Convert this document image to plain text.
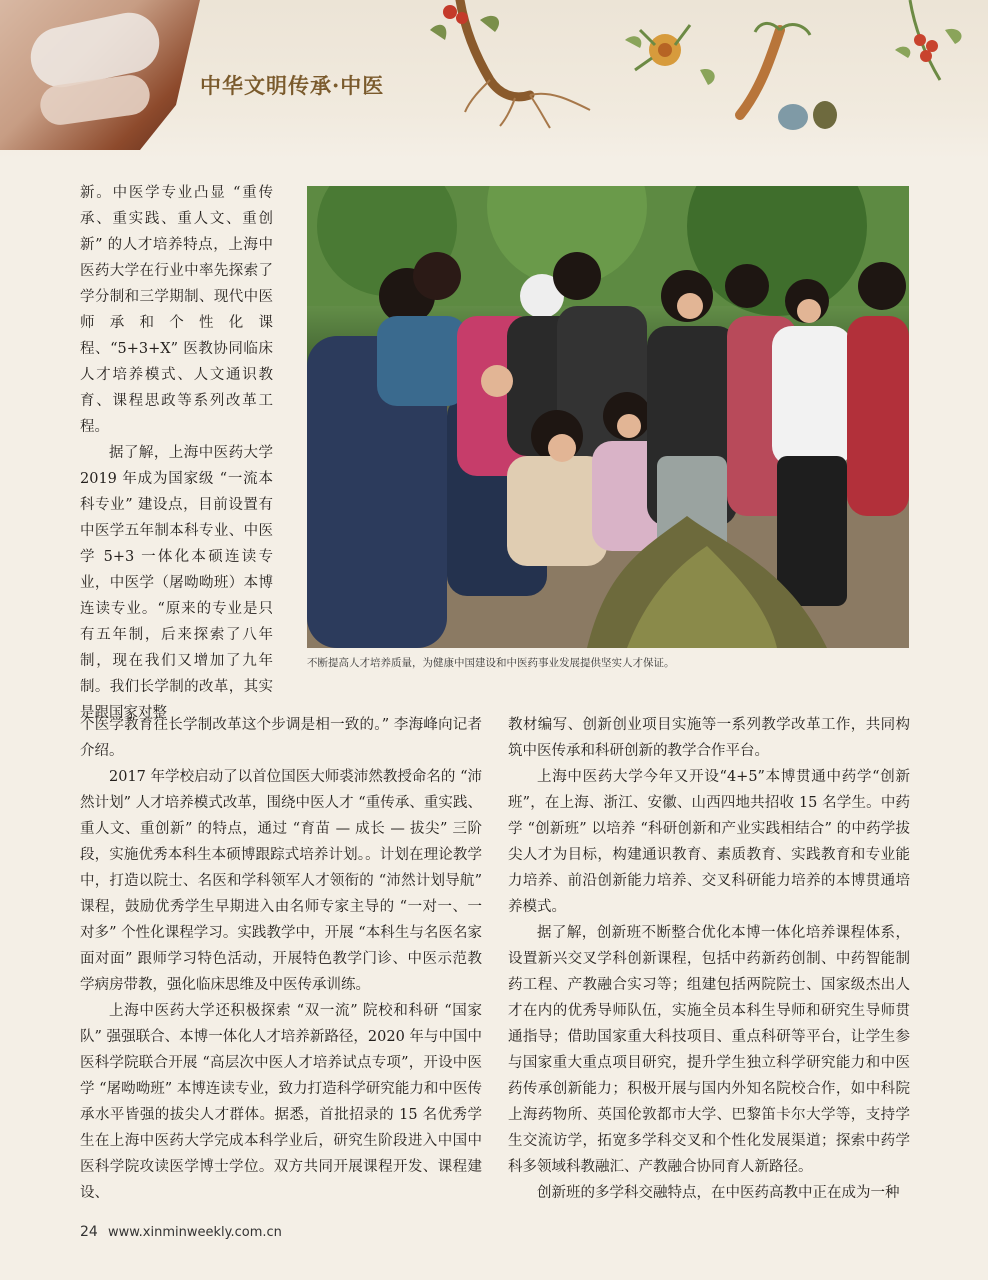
中华文明传承·中医

新。中医学专业凸显 “重传承、重实践、重人文、重创新” 的人才培养特点，上海中医药大学在行业中率先探索了学分制和三学期制、现代中医师承和个性化课程、“5+3+X” 医教协同临床人才培养模式、人文通识教育、课程思政等系列改革工程。

据了解，上海中医药大学 2019 年成为国家级 “一流本科专业” 建设点，目前设置有中医学五年制本科专业、中医学 5+3 一体化本硕连读专业，中医学（屠呦呦班）本博连读专业。“原来的专业是只有五年制，后来探索了八年制，现在我们又增加了九年制。我们长学制的改革，其实是跟国家对整

不断提高人才培养质量，为健康中国建设和中医药事业发展提供坚实人才保证。

个医学教育往长学制改革这个步调是相一致的。” 李海峰向记者介绍。

2017 年学校启动了以首位国医大师裘沛然教授命名的 “沛然计划” 人才培养模式改革，围绕中医人才 “重传承、重实践、重人文、重创新” 的特点，通过 “育苗 — 成长 — 拔尖” 三阶段，实施优秀本科生本硕博跟踪式培养计划。。计划在理论教学中，打造以院士、名医和学科领军人才领衔的 “沛然计划导航” 课程，鼓励优秀学生早期进入由名师专家主导的 “一对一、一对多” 个性化课程学习。实践教学中，开展 “本科生与名医名家面对面” 跟师学习特色活动，开展特色教学门诊、中医示范教学病房带教，强化临床思维及中医传承训练。

上海中医药大学还积极探索 “双一流” 院校和科研 “国家队” 强强联合、本博一体化人才培养新路径，2020 年与中国中医科学院联合开展 “高层次中医人才培养试点专项”，开设中医学 “屠呦呦班” 本博连读专业，致力打造科学研究能力和中医传承水平皆强的拔尖人才群体。据悉，首批招录的 15 名优秀学生在上海中医药大学完成本科学业后，研究生阶段进入中国中医科学院攻读医学博士学位。双方共同开展课程开发、课程建设、

教材编写、创新创业项目实施等一系列教学改革工作，共同构筑中医传承和科研创新的教学合作平台。

上海中医药大学今年又开设“4+5”本博贯通中药学“创新班”，在上海、浙江、安徽、山西四地共招收 15 名学生。中药学 “创新班” 以培养 “科研创新和产业实践相结合” 的中药学拔尖人才为目标，构建通识教育、素质教育、实践教育和专业能力培养、前沿创新能力培养、交叉科研能力培养的本博贯通培养模式。

据了解，创新班不断整合优化本博一体化培养课程体系，设置新兴交叉学科创新课程，包括中药新药创制、中药智能制药工程、产教融合实习等；组建包括两院院士、国家级杰出人才在内的优秀导师队伍，实施全员本科生导师和研究生导师贯通指导；借助国家重大科技项目、重点科研等平台，让学生参与国家重大重点项目研究，提升学生独立科学研究能力和中医药传承创新能力；积极开展与国内外知名院校合作，如中科院上海药物所、英国伦敦都市大学、巴黎笛卡尔大学等，支持学生交流访学，拓宽多学科交叉和个性化发展渠道；探索中药学科多领域科教融汇、产教融合协同育人新路径。

创新班的多学科交融特点，在中医药高教中正在成为一种

24 www.xinminweekly.com.cn
